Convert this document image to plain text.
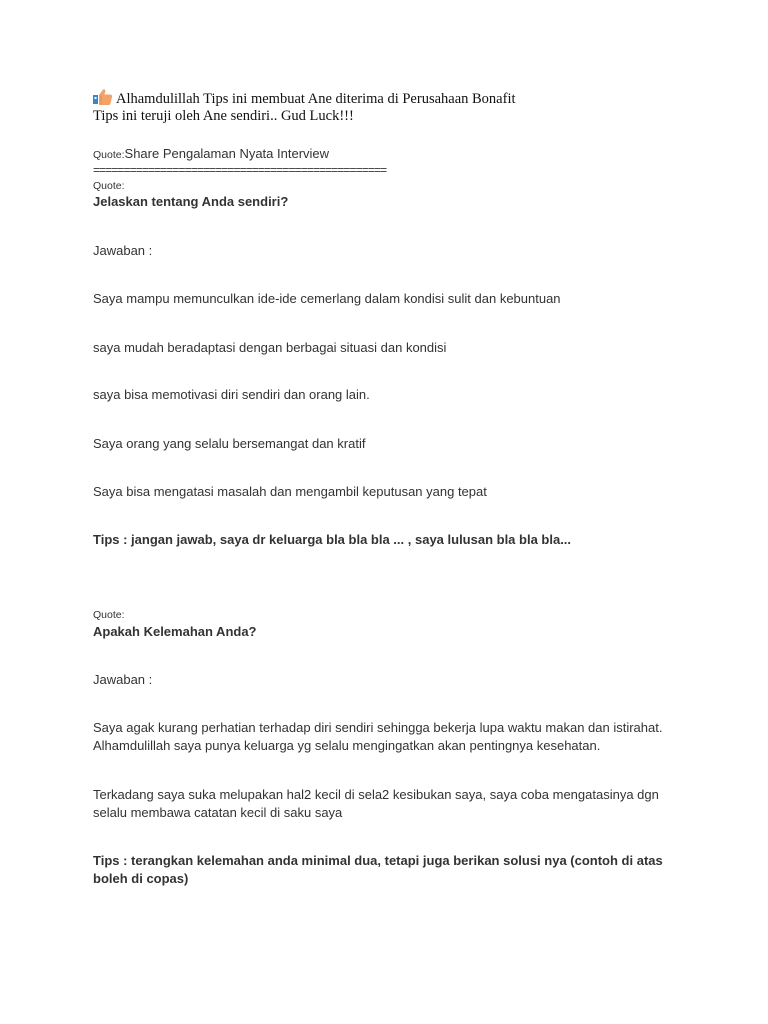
Alhamdulillah Tips ini membuat Ane diterima di Perusahaan Bonafit
Tips ini teruji oleh Ane sendiri.. Gud Luck!!!
Quote:Share Pengalaman Nyata Interview
================================================
Quote:
Jelaskan tentang Anda sendiri?
Jawaban :
Saya mampu memunculkan ide-ide cemerlang dalam kondisi sulit dan kebuntuan
saya mudah beradaptasi dengan berbagai situasi dan kondisi
saya bisa memotivasi diri sendiri dan orang lain.
Saya orang yang selalu bersemangat dan kratif
Saya bisa mengatasi masalah dan mengambil keputusan yang tepat
Tips : jangan jawab, saya dr keluarga bla bla bla ... , saya lulusan bla bla bla...
Quote:
Apakah Kelemahan Anda?
Jawaban :
Saya agak kurang perhatian terhadap diri sendiri sehingga bekerja lupa waktu makan dan istirahat. Alhamdulillah saya punya keluarga yg selalu mengingatkan akan pentingnya kesehatan.
Terkadang saya suka melupakan hal2 kecil di sela2 kesibukan saya, saya coba mengatasinya dgn selalu membawa catatan kecil di saku saya
Tips : terangkan kelemahan anda minimal dua, tetapi juga berikan solusi nya (contoh di atas boleh di copas)
